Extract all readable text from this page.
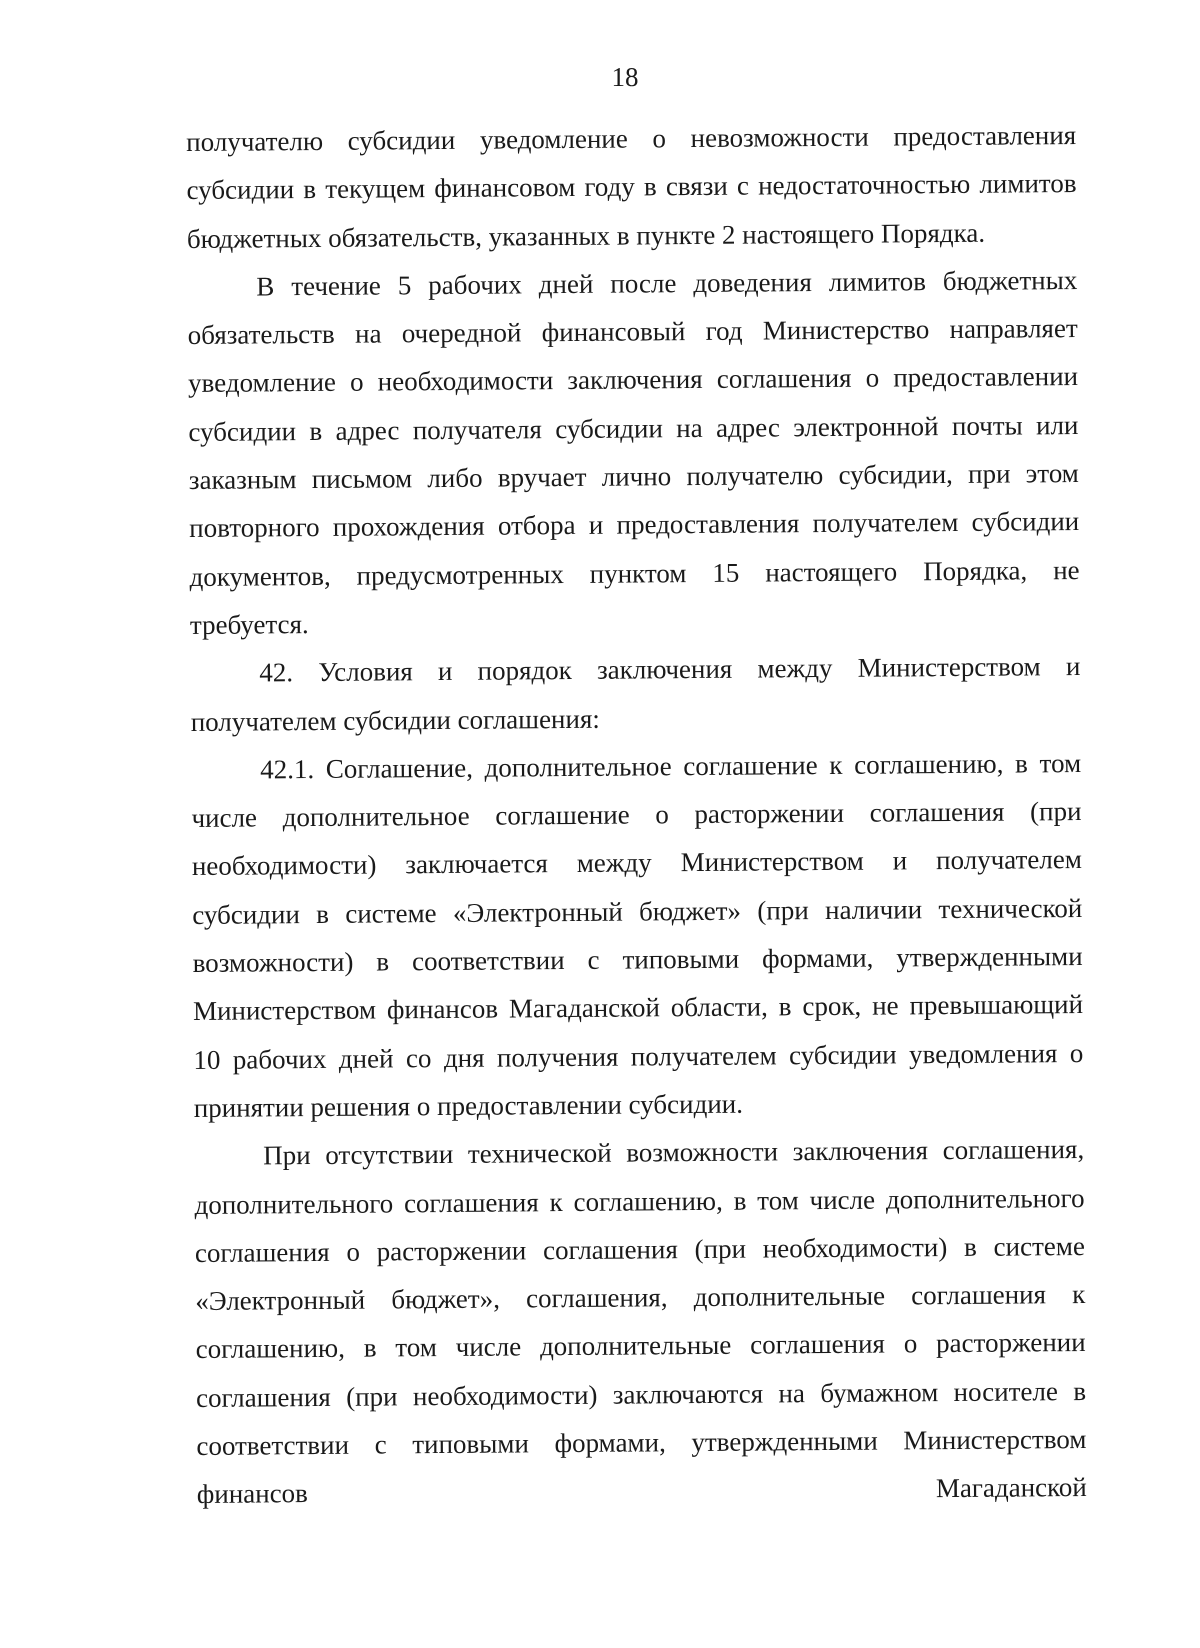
18

получателю субсидии уведомление о невозможности предоставления субсидии в текущем финансовом году в связи с недостаточностью лимитов бюджетных обязательств, указанных в пункте 2 настоящего Порядка.

В течение 5 рабочих дней после доведения лимитов бюджетных обязательств на очередной финансовый год Министерство направляет уведомление о необходимости заключения соглашения о предоставлении субсидии в адрес получателя субсидии на адрес электронной почты или заказным письмом либо вручает лично получателю субсидии, при этом повторного прохождения отбора и предоставления получателем субсидии документов, предусмотренных пунктом 15 настоящего Порядка, не требуется.

42. Условия и порядок заключения между Министерством и получателем субсидии соглашения:

42.1. Соглашение, дополнительное соглашение к соглашению, в том числе дополнительное соглашение о расторжении соглашения (при необходимости) заключается между Министерством и получателем субсидии в системе «Электронный бюджет» (при наличии технической возможности) в соответствии с типовыми формами, утвержденными Министерством финансов Магаданской области, в срок, не превышающий 10 рабочих дней со дня получения получателем субсидии уведомления о принятии решения о предоставлении субсидии.

При отсутствии технической возможности заключения соглашения, дополнительного соглашения к соглашению, в том числе дополнительного соглашения о расторжении соглашения (при необходимости) в системе «Электронный бюджет», соглашения, дополнительные соглашения к соглашению, в том числе дополнительные соглашения о расторжении соглашения (при необходимости) заключаются на бумажном носителе в соответствии с типовыми формами, утвержденными Министерством финансов Магаданской
